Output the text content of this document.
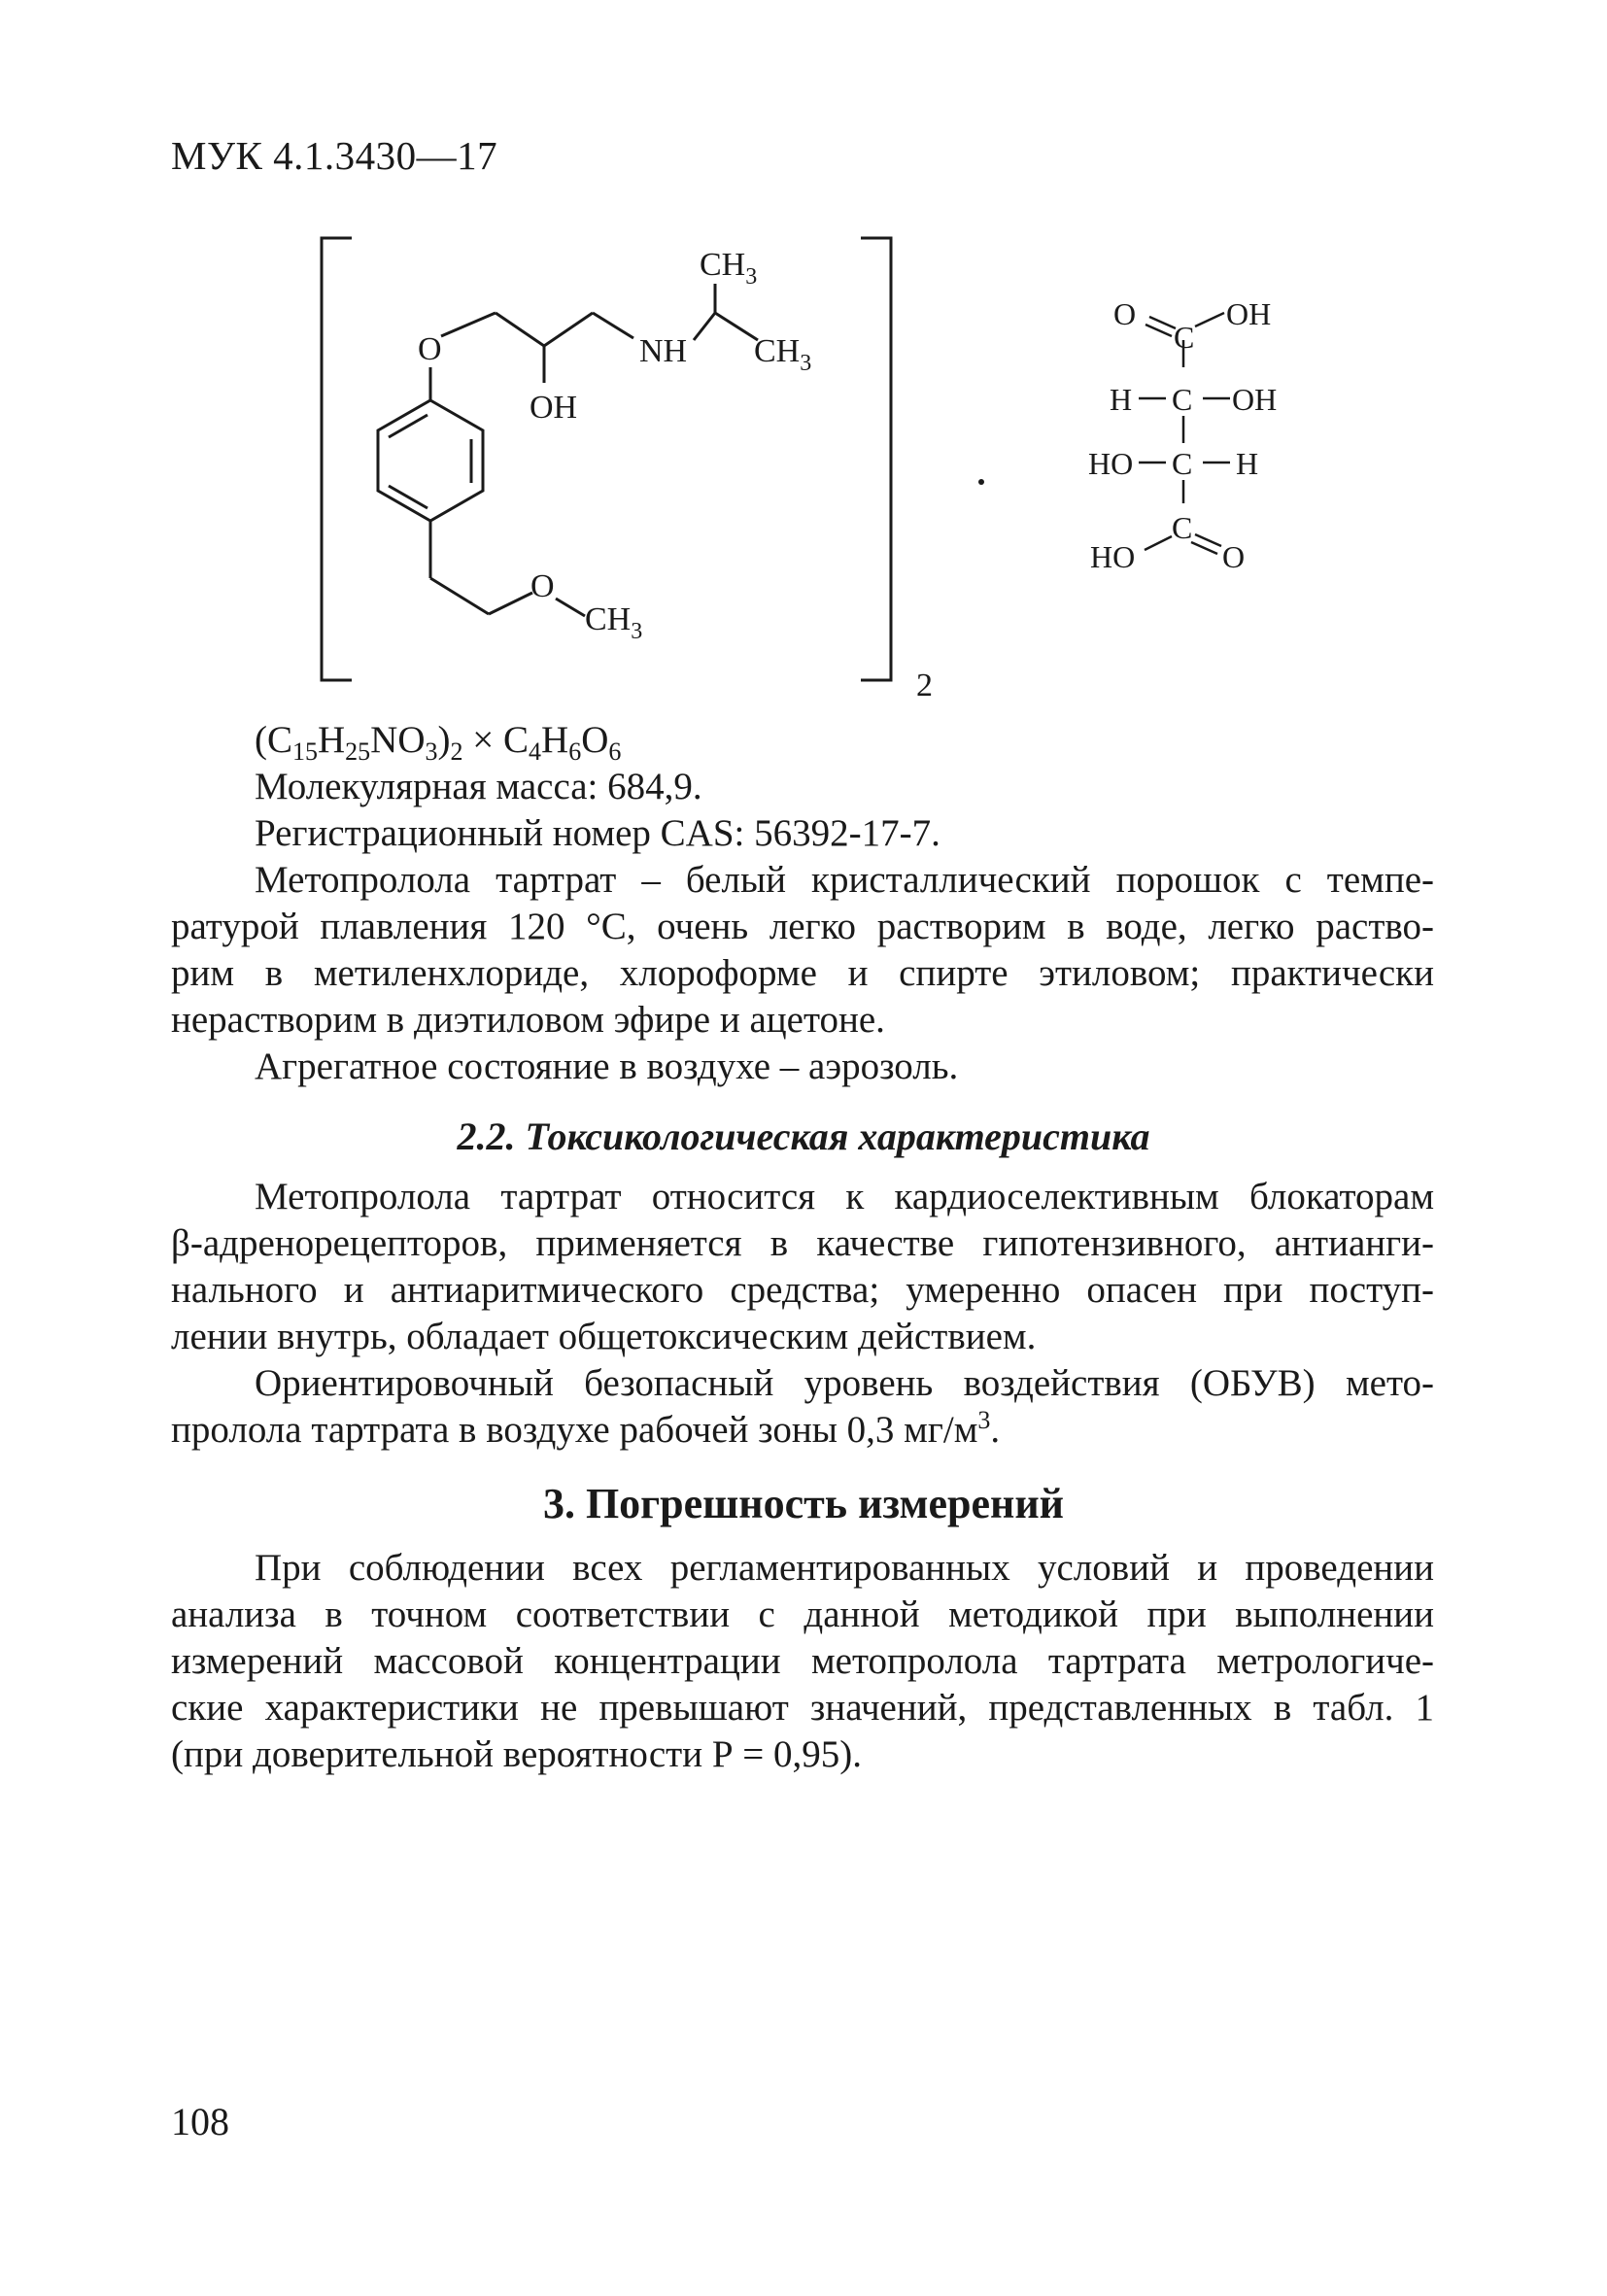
МУК 4.1.3430—17
2
$CH_3$
O	NH $CH_3$
OH
O
$CH_3$
O
C
OH
H C OH
HO C H
HO
C
O
$(C_{15}H_{25}NO_3)_2 \times C_4H_6O_6$
Молекулярная масса: 684,9.
Регистрационный номер CAS: 56392-17-7.
Метопролола тартрат – белый кристаллический порошок с темпе-
ратурой плавления 120 °С, очень легко растворим в воде, легко раство-
рим в метиленхлориде, хлороформе и спирте этиловом; практически
нерастворим в диэтиловом эфире и ацетоне.
Агрегатное состояние в воздухе – аэрозоль.
2.2. Токсикологическая характеристика
Метопролола тартрат относится к кардиоселективным блокаторам
β-адренорецепторов, применяется в качестве гипотензивного, антианги-
нального и антиаритмического средства; умеренно опасен при поступ-
лении внутрь, обладает общетоксическим действием.
Ориентировочный безопасный уровень воздействия (ОБУВ) мето-
пролола тартрата в воздухе рабочей зоны 0,3 $мг/м^3$.
3. Погрешность измерений
При соблюдении всех регламентированных условий и проведении
анализа в точном соответствии с данной методикой при выполнении
измерений массовой концентрации метопролола тартрата метрологиче-
ские характеристики не превышают значений, представленных в табл. 1
(при доверительной вероятности Р = 0,95).
108
